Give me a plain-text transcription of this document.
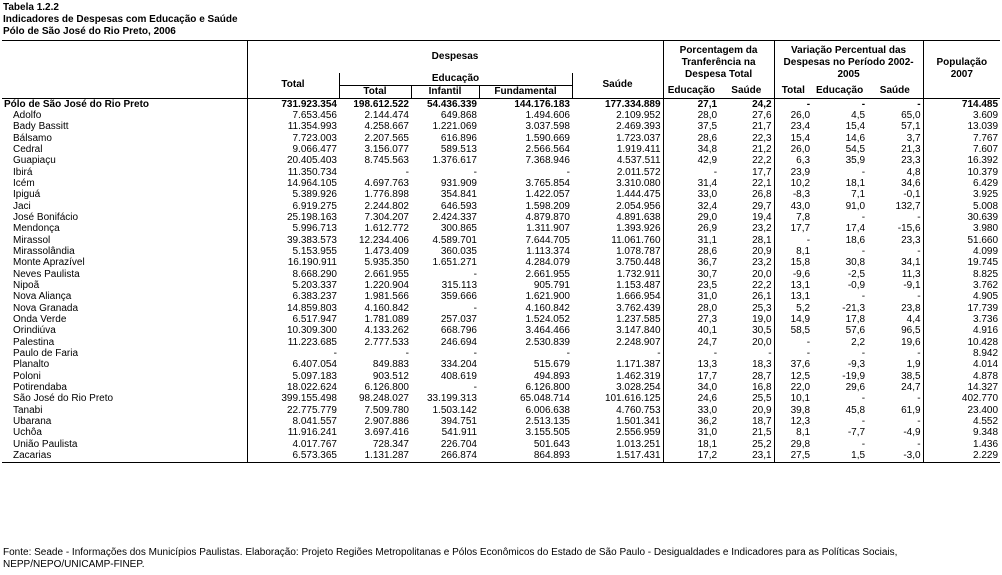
Tabela 1.2.2
Indicadores de Despesas com Educação e Saúde
Pólo de São José do Rio Preto, 2006
	Despesas					Porcentagem da Tranferência na Despesa Total		Variação Percentual das Despesas no Período 2002-2005			População 2007
	Total	Educação			Saúde						
		Total	Infantil	Fundamental		Educação	Saúde	Total	Educação	Saúde	
Pólo de São José do Rio Preto	731.923.354	198.612.522	54.436.339	144.176.183	177.334.889	27,1	24,2	-	-	-	714.485
Adolfo	7.653.456	2.144.474	649.868	1.494.606	2.109.952	28,0	27,6	26,0	4,5	65,0	3.609
Bady Bassitt	11.354.993	4.258.667	1.221.069	3.037.598	2.469.393	37,5	21,7	23,4	15,4	57,1	13.039
Bálsamo	7.723.003	2.207.565	616.896	1.590.669	1.723.037	28,6	22,3	15,4	14,6	3,7	7.767
Cedral	9.066.477	3.156.077	589.513	2.566.564	1.919.411	34,8	21,2	26,0	54,5	21,3	7.607
Guapiaçu	20.405.403	8.745.563	1.376.617	7.368.946	4.537.511	42,9	22,2	6,3	35,9	23,3	16.392
Ibirá	11.350.734	-	-	-	2.011.572	-	17,7	23,9	-	4,8	10.379
Icém	14.964.105	4.697.763	931.909	3.765.854	3.310.080	31,4	22,1	10,2	18,1	34,6	6.429
Ipiguá	5.389.926	1.776.898	354.841	1.422.057	1.444.475	33,0	26,8	-8,3	7,1	-0,1	3.925
Jaci	6.919.275	2.244.802	646.593	1.598.209	2.054.956	32,4	29,7	43,0	91,0	132,7	5.008
José Bonifácio	25.198.163	7.304.207	2.424.337	4.879.870	4.891.638	29,0	19,4	7,8	-	-	30.639
Mendonça	5.996.713	1.612.772	300.865	1.311.907	1.393.926	26,9	23,2	17,7	17,4	-15,6	3.980
Mirassol	39.383.573	12.234.406	4.589.701	7.644.705	11.061.760	31,1	28,1	-	18,6	23,3	51.660
Mirassolândia	5.153.955	1.473.409	360.035	1.113.374	1.078.787	28,6	20,9	8,1	-	-	4.099
Monte Aprazível	16.190.911	5.935.350	1.651.271	4.284.079	3.750.448	36,7	23,2	15,8	30,8	34,1	19.745
Neves Paulista	8.668.290	2.661.955	-	2.661.955	1.732.911	30,7	20,0	-9,6	-2,5	11,3	8.825
Nipoã	5.203.337	1.220.904	315.113	905.791	1.153.487	23,5	22,2	13,1	-0,9	-9,1	3.762
Nova Aliança	6.383.237	1.981.566	359.666	1.621.900	1.666.954	31,0	26,1	13,1	-	-	4.905
Nova Granada	14.859.803	4.160.842	-	4.160.842	3.762.439	28,0	25,3	5,2	-21,3	23,8	17.739
Onda Verde	6.517.947	1.781.089	257.037	1.524.052	1.237.585	27,3	19,0	14,9	17,8	4,4	3.736
Orindiúva	10.309.300	4.133.262	668.796	3.464.466	3.147.840	40,1	30,5	58,5	57,6	96,5	4.916
Palestina	11.223.685	2.777.533	246.694	2.530.839	2.248.907	24,7	20,0	-	2,2	19,6	10.428
Paulo de Faria	-	-	-	-	-	-	-	-	-	-	8.942
Planalto	6.407.054	849.883	334.204	515.679	1.171.387	13,3	18,3	37,6	-9,3	1,9	4.014
Poloni	5.097.183	903.512	408.619	494.893	1.462.319	17,7	28,7	12,5	-19,9	38,5	4.878
Potirendaba	18.022.624	6.126.800	-	6.126.800	3.028.254	34,0	16,8	22,0	29,6	24,7	14.327
São José do Rio Preto	399.155.498	98.248.027	33.199.313	65.048.714	101.616.125	24,6	25,5	10,1	-	-	402.770
Tanabi	22.775.779	7.509.780	1.503.142	6.006.638	4.760.753	33,0	20,9	39,8	45,8	61,9	23.400
Ubarana	8.041.557	2.907.886	394.751	2.513.135	1.501.341	36,2	18,7	12,3	-	-	4.552
Uchôa	11.916.241	3.697.416	541.911	3.155.505	2.556.959	31,0	21,5	8,1	-7,7	-4,9	9.348
União Paulista	4.017.767	728.347	226.704	501.643	1.013.251	18,1	25,2	29,8	-	-	1.436
Zacarias	6.573.365	1.131.287	266.874	864.893	1.517.431	17,2	23,1	27,5	1,5	-3,0	2.229
Fonte: Seade - Informações dos Municípios Paulistas. Elaboração: Projeto Regiões Metropolitanas e Pólos Econômicos do Estado de São Paulo - Desigualdades e Indicadores para as Políticas Sociais, NEPP/NEPO/UNICAMP-FINEP.
